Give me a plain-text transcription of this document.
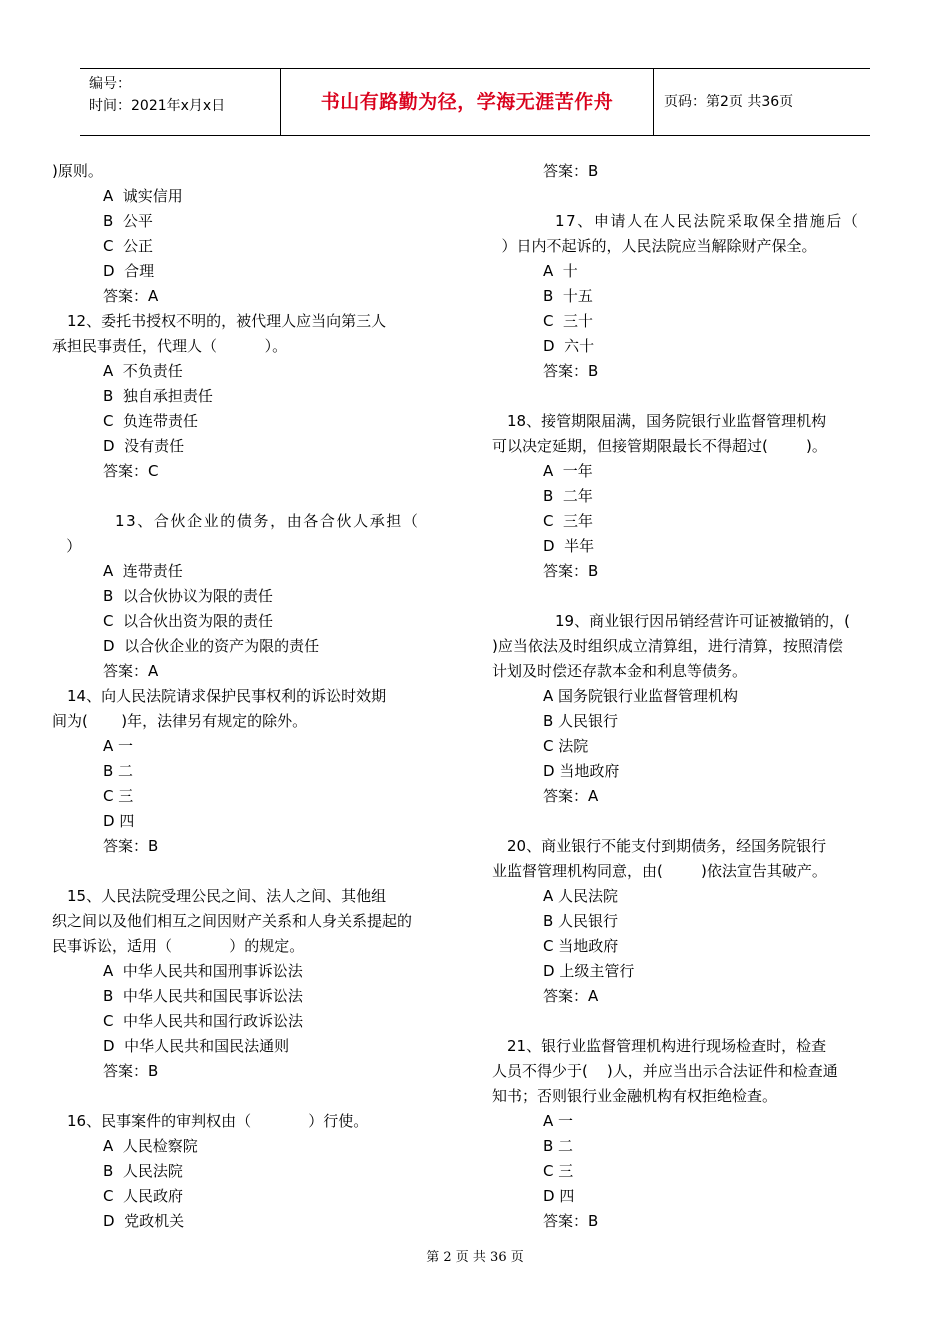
编号：
时间：2021年x月x日	书山有路勤为径，学海无涯苦作舟	页码：第2页 共36页
)原则。
A  诚实信用
B  公平
C  公正
D  合理
答案：A
12、委托书授权不明的，被代理人应当向第三人
承担民事责任，代理人（          ）。
A  不负责任
B  独自承担责任
C  负连带责任
D  没有责任
答案：C
13、合伙企业的债务，由各合伙人承担（
）
A  连带责任
B  以合伙协议为限的责任
C  以合伙出资为限的责任
D  以合伙企业的资产为限的责任
答案：A
14、向人民法院请求保护民事权利的诉讼时效期
间为(       )年，法律另有规定的除外。
A 一
B 二
C 三
D 四
答案：B
15、人民法院受理公民之间、法人之间、其他组
织之间以及他们相互之间因财产关系和人身关系提起的
民事诉讼，适用（            ）的规定。
A  中华人民共和国刑事诉讼法
B  中华人民共和国民事诉讼法
C  中华人民共和国行政诉讼法
D  中华人民共和国民法通则
答案：B
16、民事案件的审判权由（            ）行使。
A  人民检察院
B  人民法院
C  人民政府
D  党政机关
答案：B
17、申请人在人民法院采取保全措施后（
）日内不起诉的，人民法院应当解除财产保全。
A  十
B  十五
C  三十
D  六十
答案：B
18、接管期限届满，国务院银行业监督管理机构
可以决定延期，但接管期限最长不得超过(        )。
A  一年
B  二年
C  三年
D  半年
答案：B
19、商业银行因吊销经营许可证被撤销的，(
)应当依法及时组织成立清算组，进行清算，按照清偿
计划及时偿还存款本金和利息等债务。
A 国务院银行业监督管理机构
B 人民银行
C 法院
D 当地政府
答案：A
20、商业银行不能支付到期债务，经国务院银行
业监督管理机构同意，由(        )依法宣告其破产。
A 人民法院
B 人民银行
C 当地政府
D 上级主管行
答案：A
21、银行业监督管理机构进行现场检查时，检查
人员不得少于(    )人，并应当出示合法证件和检查通
知书；否则银行业金融机构有权拒绝检查。
A 一
B 二
C 三
D 四
答案：B
第 2 页 共 36 页
